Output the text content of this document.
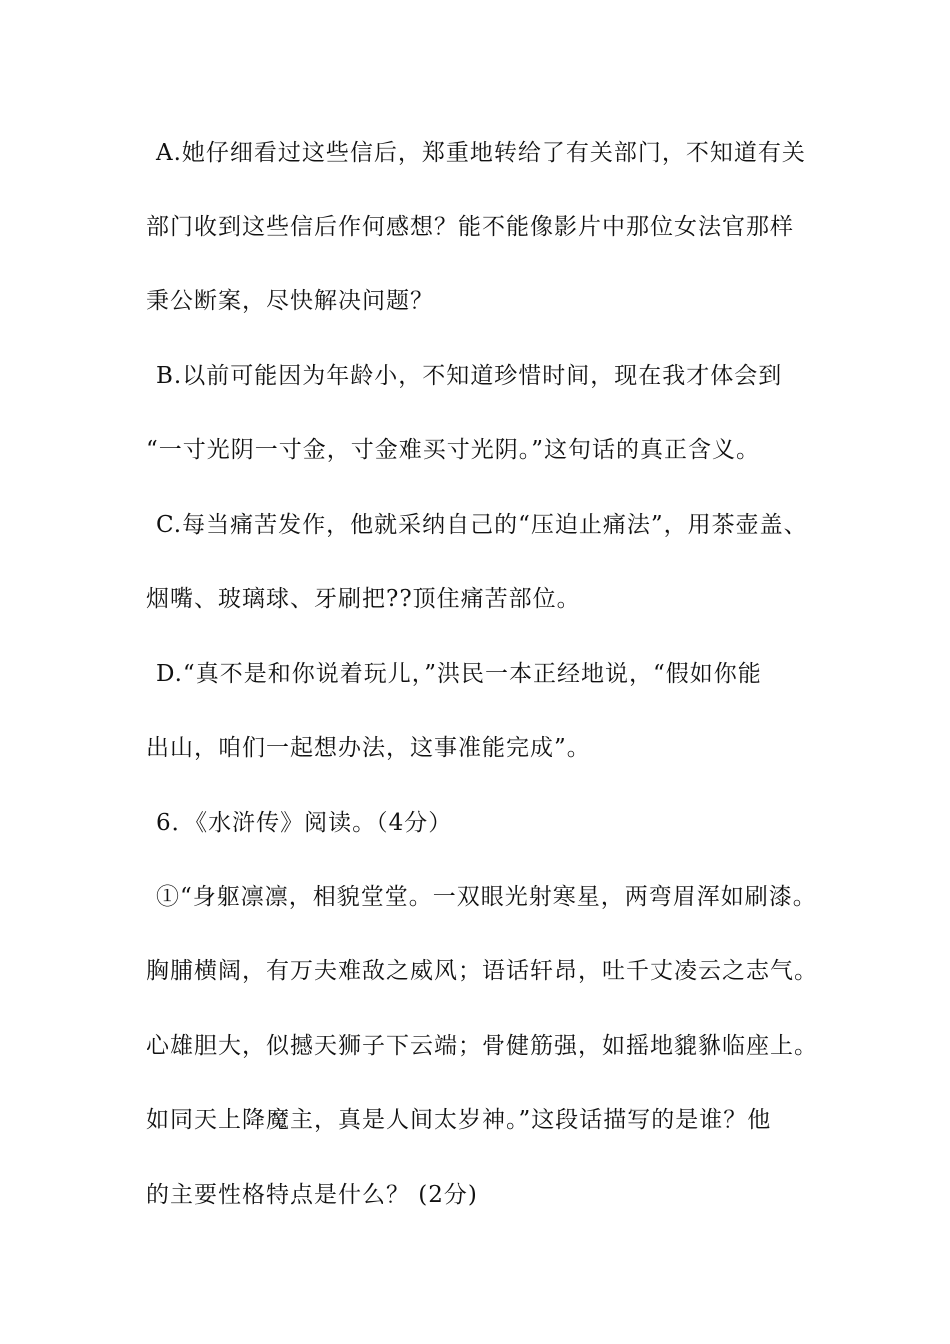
A.她仔细看过这些信后，郑重地转给了有关部门，不知道有关
部门收到这些信后作何感想？能不能像影片中那位女法官那样
秉公断案，尽快解决问题？
B.以前可能因为年龄小，不知道珍惜时间，现在我才体会到
“一寸光阴一寸金，寸金难买寸光阴。”这句话的真正含义。
C.每当痛苦发作，他就采纳自己的“压迫止痛法”，用茶壶盖、
烟嘴、玻璃球、牙刷把??顶住痛苦部位。
D.“真不是和你说着玩儿，”洪民一本正经地说，“假如你能
出山，咱们一起想办法，这事准能完成”。
6．《水浒传》阅读。（4分）
①“身躯凛凛，相貌堂堂。一双眼光射寒星，两弯眉浑如刷漆。
胸脯横阔，有万夫难敌之威风；语话轩昂，吐千丈凌云之志气。
心雄胆大，似撼天狮子下云端；骨健筋强，如摇地貔貅临座上。
如同天上降魔主，真是人间太岁神。”这段话描写的是谁？他
的主要性格特点是什么？ (2分)
